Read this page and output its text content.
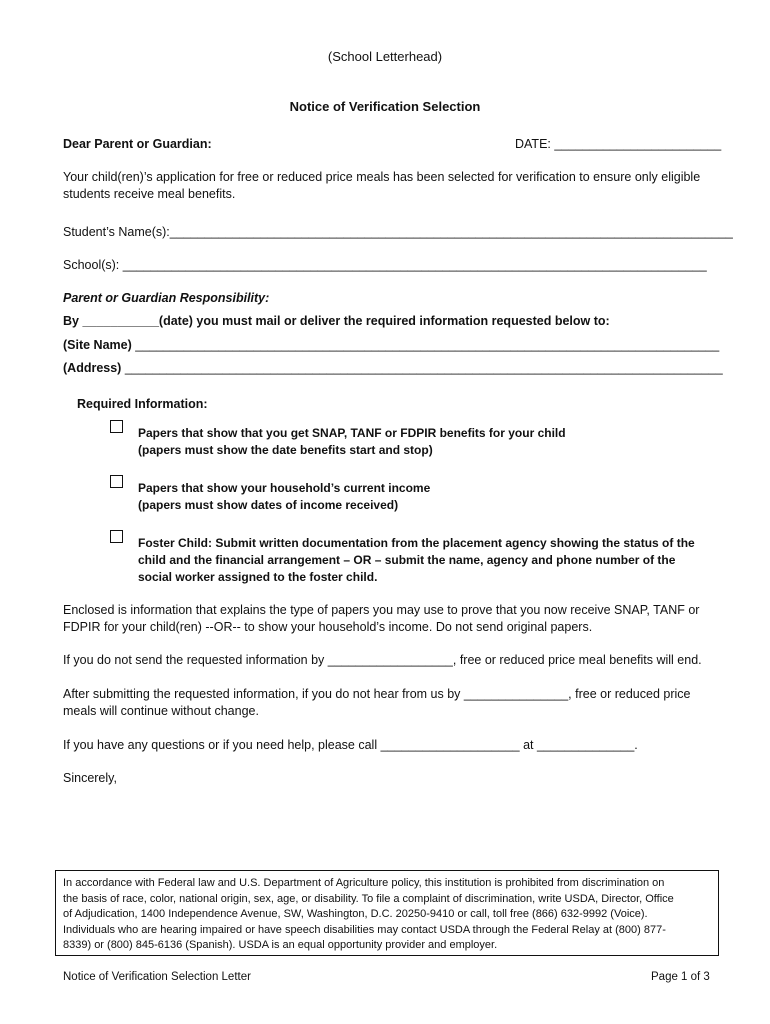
(School Letterhead)
Notice of Verification Selection
Dear Parent or Guardian:	DATE: ________________________
Your child(ren)’s application for free or reduced price meals has been selected for verification to ensure only eligible
students receive meal benefits.
Student’s Name(s):_________________________________________________________________________________
School(s): ____________________________________________________________________________________
Parent or Guardian Responsibility:
By ___________(date) you must mail or deliver the required information requested below to:
(Site Name) ____________________________________________________________________________________
(Address) ______________________________________________________________________________________
Required Information:
Papers that show that you get SNAP, TANF or FDPIR benefits for your child
(papers must show the date benefits start and stop)
Papers that show your household’s current income
(papers must show dates of income received)
Foster Child: Submit written documentation from the placement agency showing the status of the
child and the financial arrangement – OR – submit the name, agency and phone number of the
social worker assigned to the foster child.
Enclosed is information that explains the type of papers you may use to prove that you now receive SNAP, TANF or
FDPIR for your child(ren) --OR-- to show your household’s income. Do not send original papers.
If you do not send the requested information by __________________, free or reduced price meal benefits will end.
After submitting the requested information, if you do not hear from us by _______________, free or reduced price
meals will continue without change.
If you have any questions or if you need help, please call ____________________ at ______________.
Sincerely,
In accordance with Federal law and U.S. Department of Agriculture policy, this institution is prohibited from discrimination on
the basis of race, color, national origin, sex, age, or disability. To file a complaint of discrimination, write USDA, Director, Office
of Adjudication, 1400 Independence Avenue, SW, Washington, D.C. 20250-9410 or call, toll free (866) 632-9992 (Voice).
Individuals who are hearing impaired or have speech disabilities may contact USDA through the Federal Relay at (800) 877-
8339) or (800) 845-6136 (Spanish). USDA is an equal opportunity provider and employer.
Notice of Verification Selection Letter	Page 1 of 3
